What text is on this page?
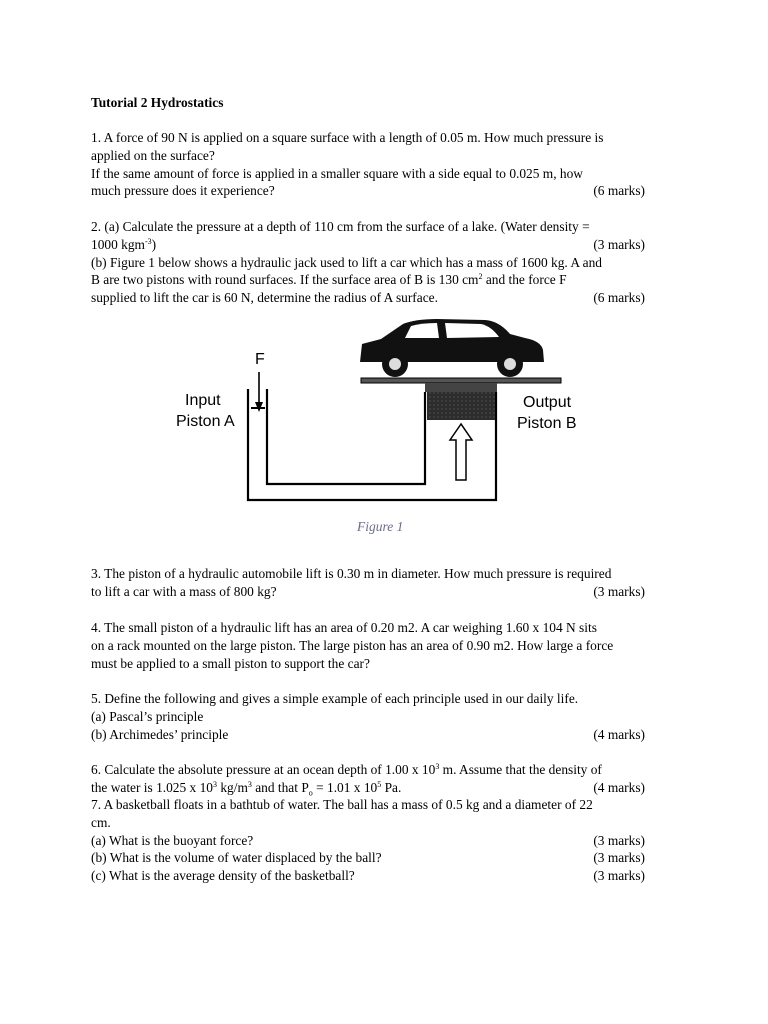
Tutorial 2 Hydrostatics
1. A force of 90 N is applied on a square surface with a length of 0.05 m. How much pressure is
applied on the surface?
If the same amount of force is applied in a smaller square with a side equal to 0.025 m, how
much pressure does it experience?	(6 marks)
2. (a) Calculate the pressure at a depth of 110 cm from the surface of a lake. (Water density =
1000 kgm$^{-3}$)	(3 marks)
(b) Figure 1 below shows a hydraulic jack used to lift a car which has a mass of 1600 kg. A and
B are two pistons with round surfaces. If the surface area of B is 130 $cm^2$ and the force F
supplied to lift the car is 60 N, determine the radius of A surface.	(6 marks)
F
Input
Piston A
Output
Piston B
Figure 1
3. The piston of a hydraulic automobile lift is 0.30 m in diameter. How much pressure is required
to lift a car with a mass of 800 kg?	(3 marks)
4. The small piston of a hydraulic lift has an area of 0.20 m2. A car weighing 1.60 x 104 N sits
on a rack mounted on the large piston. The large piston has an area of 0.90 m2. How large a force
must be applied to a small piston to support the car?
5. Define the following and gives a simple example of each principle used in our daily life.
(a) Pascal’s principle
(b) Archimedes’ principle	(4 marks)
6. Calculate the absolute pressure at an ocean depth of 1.00 x $10^3$ m. Assume that the density of
the water is 1.025 x $10^3$ $kg/m^3$ and that $P_o = 1.01$ x $10^5$ Pa.	(4 marks)
7. A basketball floats in a bathtub of water. The ball has a mass of 0.5 kg and a diameter of 22
cm.
(a) What is the buoyant force?	(3 marks)
(b) What is the volume of water displaced by the ball?	(3 marks)
(c) What is the average density of the basketball?	(3 marks)
